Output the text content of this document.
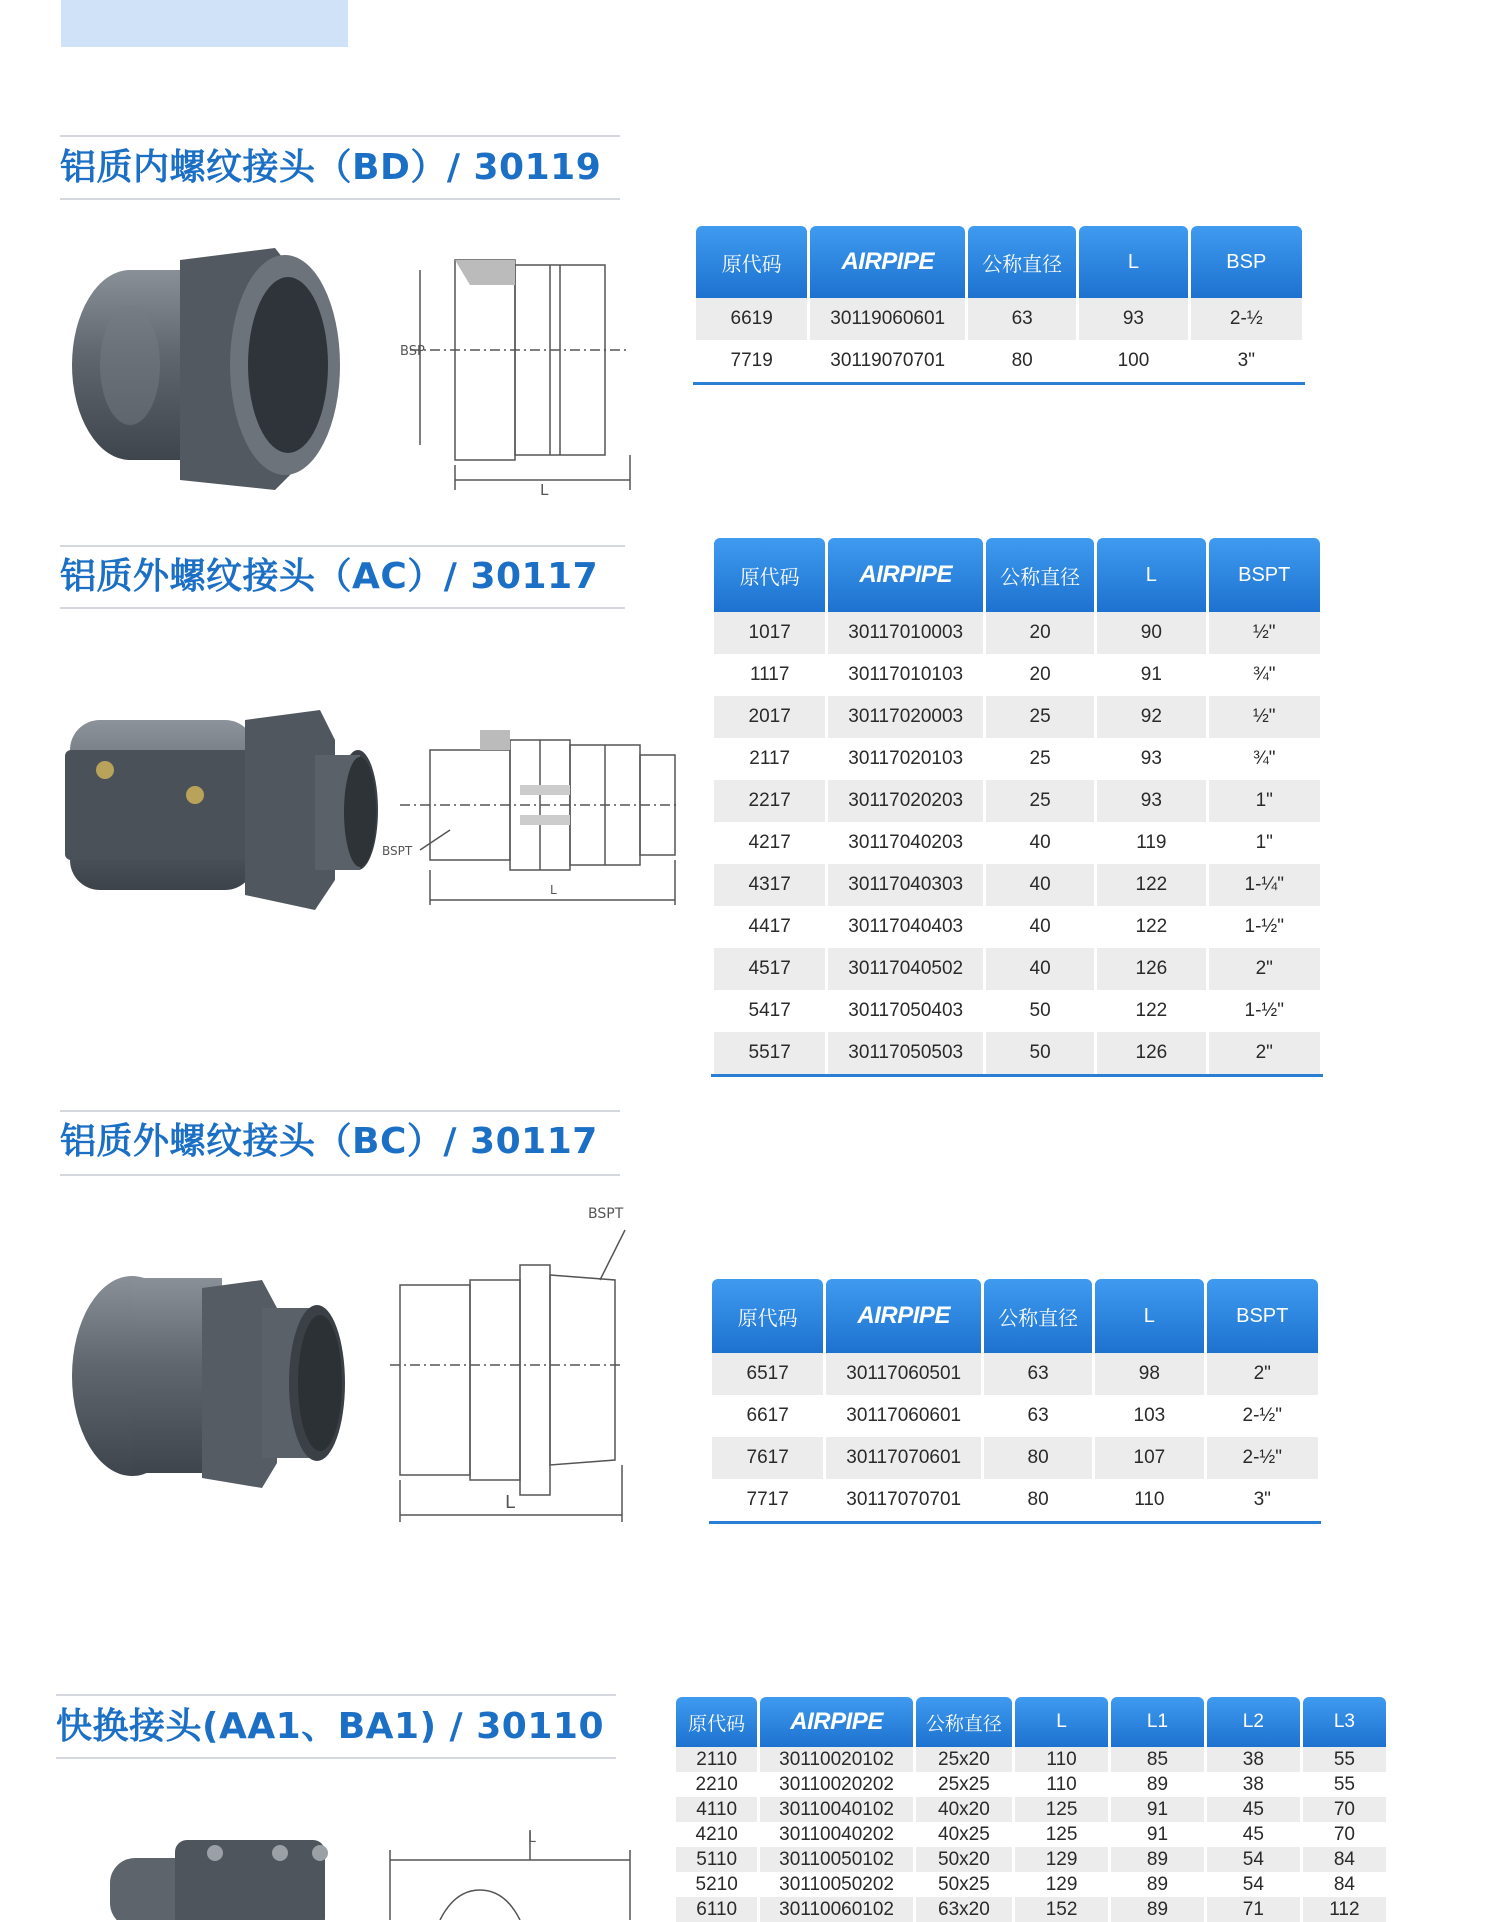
铝质内螺纹接头（BD）/ 30119
BSP
L
原代码	AIRPIPE	公称直径	L	BSP
6619	30119060601	63	93	2-½
7719	30119070701	80	100	3"
铝质外螺纹接头（AC）/ 30117
BSPT
L
原代码	AIRPIPE	公称直径	L	BSPT
1017	30117010003	20	90	½"
1117	30117010103	20	91	¾"
2017	30117020003	25	92	½"
2117	30117020103	25	93	¾"
2217	30117020203	25	93	1"
4217	30117040203	40	119	1"
4317	30117040303	40	122	1-¼"
4417	30117040403	40	122	1-½"
4517	30117040502	40	126	2"
5417	30117050403	50	122	1-½"
5517	30117050503	50	126	2"
铝质外螺纹接头（BC）/ 30117
BSPT
L
原代码	AIRPIPE	公称直径	L	BSPT
6517	30117060501	63	98	2"
6617	30117060601	63	103	2-½"
7617	30117070601	80	107	2-½"
7717	30117070701	80	110	3"
快换接头(AA1、BA1) / 30110
L
原代码	AIRPIPE	公称直径	L	L1	L2	L3
2110	30110020102	25x20	110	85	38	55
2210	30110020202	25x25	110	89	38	55
4110	30110040102	40x20	125	91	45	70
4210	30110040202	40x25	125	91	45	70
5110	30110050102	50x20	129	89	54	84
5210	30110050202	50x25	129	89	54	84
6110	30110060102	63x20	152	89	71	112
